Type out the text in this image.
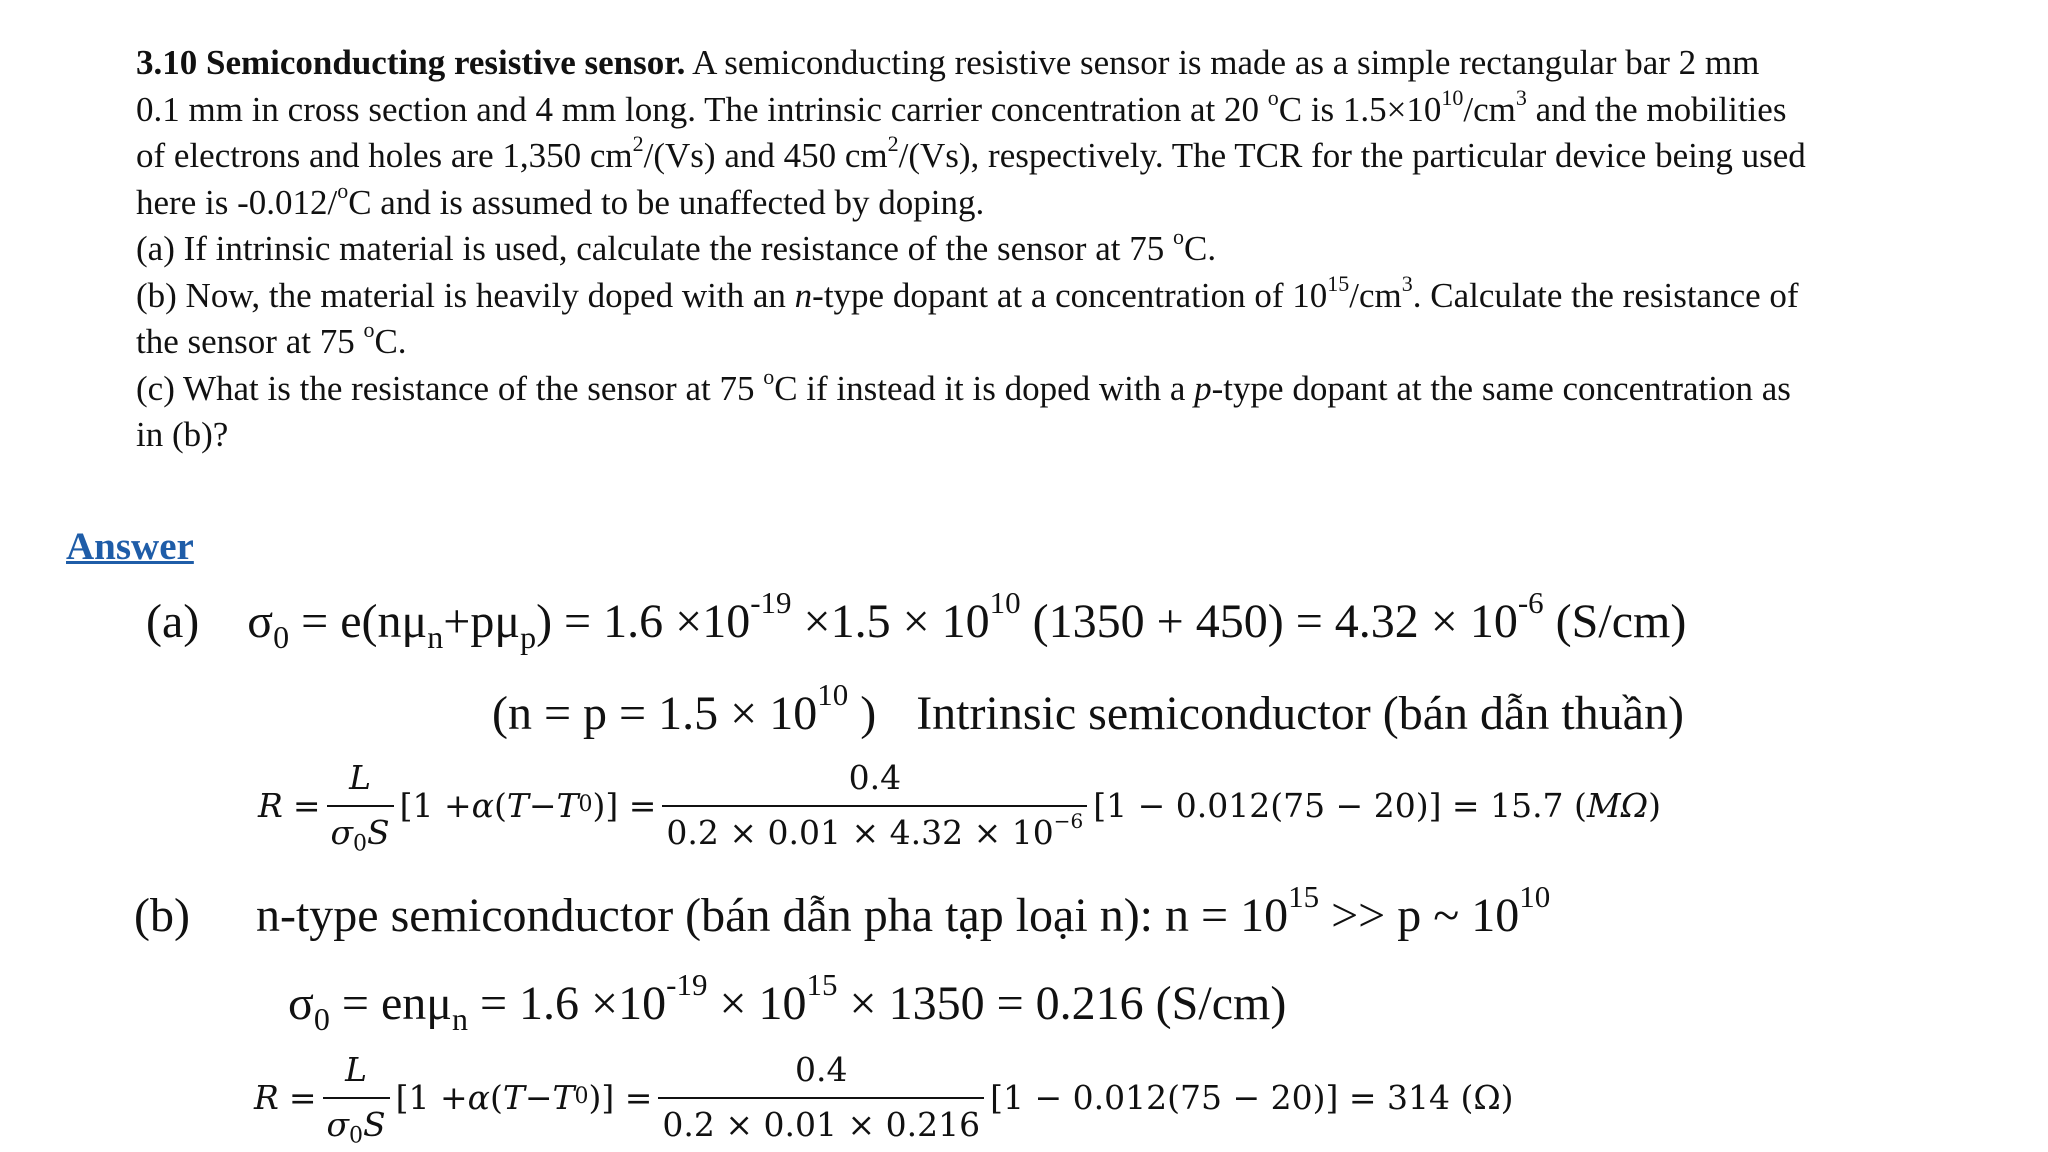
3.10 Semiconducting resistive sensor. A semiconducting resistive sensor is made as a simple rectangular bar 2 mm

0.1 mm in cross section and 4 mm long. The intrinsic carrier concentration at 20 $^o$C is $1.5\times 10^{10}/cm^3$ and the mobilities

of electrons and holes are 1,350 $cm^2/(Vs)$ and 450 $cm^2/(Vs)$, respectively. The TCR for the particular device being used

here is -0.012/$^o$C and is assumed to be unaffected by doping.

(a) If intrinsic material is used, calculate the resistance of the sensor at 75 $^o$C.

(b) Now, the material is heavily doped with an n-type dopant at a concentration of $10^{15}/cm^3$. Calculate the resistance of

the sensor at 75 $^o$C.

(c) What is the resistance of the sensor at 75 $^o$C if instead it is doped with a p-type dopant at the same concentration as

in (b)?

Answer
(a) $\sigma_0 = e(n\mu_n+p\mu_p) = 1.6 \times 10^{-19} \times 1.5 \times 10^{10}$ $(1350 + 450) = 4.32 \times 10^{-6}$ (S/cm)
($n = p = 1.5 \times 10^{10}$ ) Intrinsic semiconductor (bán dẫn thuần)
$R = \frac{L}{\sigma_0S} [1 + \alpha$ ( T − T 0 )] = $\frac{0.4}{0.2 \times 0.01 \times 4.32 \times 10^{-6}} [1 - 0.012(75 - 20)] = 15.7$ ( MΩ )
(b) n-type semiconductor (bán dẫn pha tạp loại n): $n = 10^{15} >> p$ ~ $10^{10}$
$\sigma_0 = en\mu_n = 1.6 \times 10^{-19} \times 10^{15} \times 1350 = 0.216$ (S/cm)
$R = \frac{L}{\sigma_0S} [1 + \alpha$ ( T − T 0 )] = $\frac{0.4}{0.2 \times 0.01 \times 0.216} [1 - 0.012(75 - 20)] = 314$ (Ω)
